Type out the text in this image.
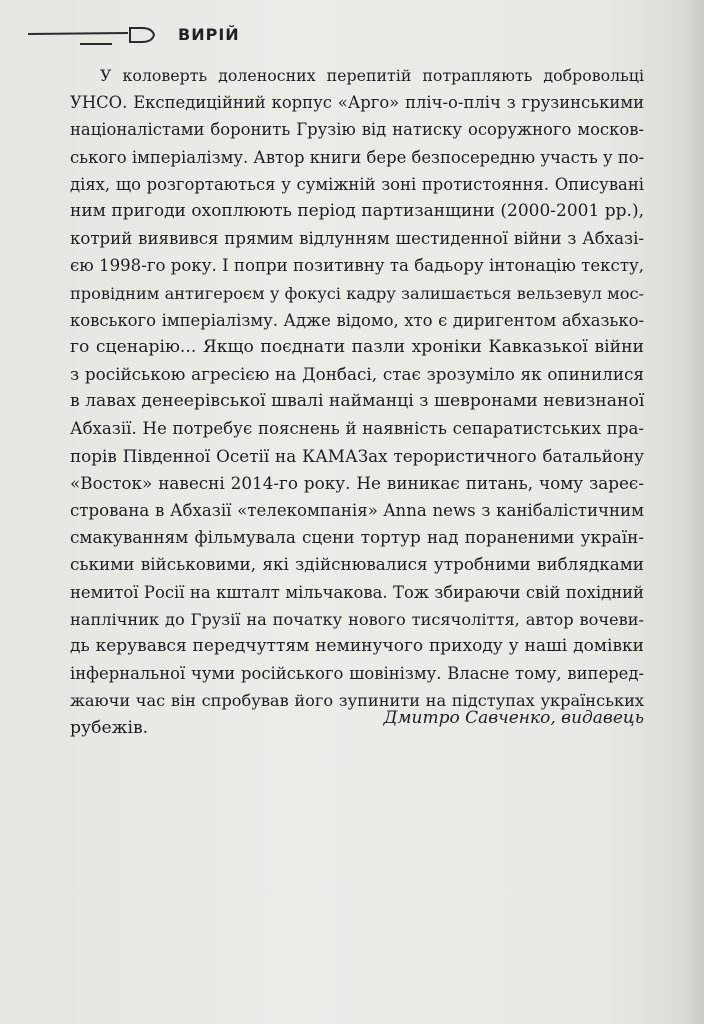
ВИРІЙ
У коловерть доленосних перепитій потрапляють добровольці
УНСО. Експедиційний корпус «Арго» пліч-о-пліч з грузинськими
націоналістами боронить Грузію від натиску осоружного москов-
ського імперіалізму. Автор книги бере безпосередню участь у по-
діях, що розгортаються у суміжній зоні протистояння. Описувані
ним пригоди охоплюють період партизанщини (2000-2001 рр.),
котрий виявився прямим відлунням шестиденної війни з Абхазі-
єю 1998-го року. І попри позитивну та бадьору інтонацію тексту,
провідним антигероєм у фокусі кадру залишається вельзевул мос-
ковського імперіалізму. Адже відомо, хто є диригентом абхазько-
го сценарію... Якщо поєднати пазли хроніки Кавказької війни
з російською агресією на Донбасі, стає зрозуміло як опинилися
в лавах денеерівської швалі найманці з шевронами невизнаної
Абхазії. Не потребує пояснень й наявність сепаратистських пра-
порів Південної Осетії на КАМАЗах терористичного батальйону
«Восток» навесні 2014-го року. Не виникає питань, чому зареє-
стрована в Абхазії «телекомпанія» Anna news з канібалістичним
смакуванням фільмувала сцени тортур над пораненими україн-
ськими військовими, які здійснювалися утробними виблядками
немитої Росії на кшталт мільчакова. Тож збираючи свій похідний
наплічник до Грузії на початку нового тисячоліття, автор вочеви-
дь керувався передчуттям неминучого приходу у наші домівки
інфернальної чуми російського шовінізму. Власне тому, виперед-
жаючи час він спробував його зупинити на підступах українських
рубежів.	Дмитро Савченко, видавець
